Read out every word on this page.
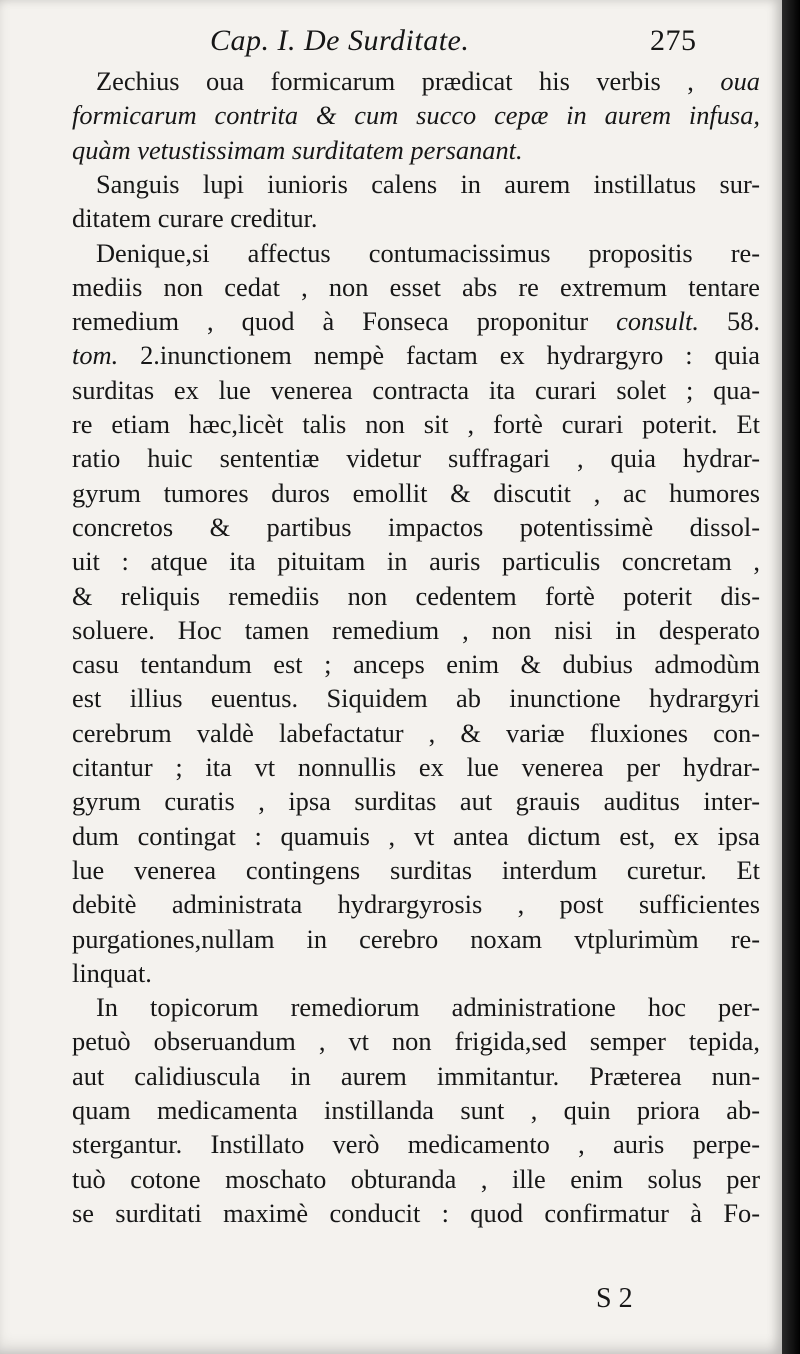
Cap. I. De Surditate.	275
Zechius oua formicarum prædicat his verbis , oua
formicarum contrita & cum succo cepæ in aurem infusa,
quàm vetustissimam surditatem persanant.
Sanguis lupi iunioris calens in aurem instillatus sur-
ditatem curare creditur.
Denique,si affectus contumacissimus propositis re-
mediis non cedat , non esset abs re extremum tentare
remedium , quod à Fonseca proponitur consult. 58.
tom. 2.inunctionem nempè factam ex hydrargyro : quia
surditas ex lue venerea contracta ita curari solet ; qua-
re etiam hæc,licèt talis non sit , fortè curari poterit. Et
ratio huic sententiæ videtur suffragari , quia hydrar-
gyrum tumores duros emollit & discutit , ac humores
concretos & partibus impactos potentissimè dissol-
uit : atque ita pituitam in auris particulis concretam ,
& reliquis remediis non cedentem fortè poterit dis-
soluere. Hoc tamen remedium , non nisi in desperato
casu tentandum est ; anceps enim & dubius admodùm
est illius euentus. Siquidem ab inunctione hydrargyri
cerebrum valdè labefactatur , & variæ fluxiones con-
citantur ; ita vt nonnullis ex lue venerea per hydrar-
gyrum curatis , ipsa surditas aut grauis auditus inter-
dum contingat : quamuis , vt antea dictum est, ex ipsa
lue venerea contingens surditas interdum curetur. Et
debitè administrata hydrargyrosis , post sufficientes
purgationes,nullam in cerebro noxam vtplurimùm re-
linquat.
In topicorum remediorum administratione hoc per-
petuò obseruandum , vt non frigida,sed semper tepida,
aut calidiuscula in aurem immitantur. Præterea nun-
quam medicamenta instillanda sunt , quin priora ab-
stergantur. Instillato verò medicamento , auris perpe-
tuò cotone moschato obturanda , ille enim solus per
se surditati maximè conducit : quod confirmatur à Fo-
S 2
